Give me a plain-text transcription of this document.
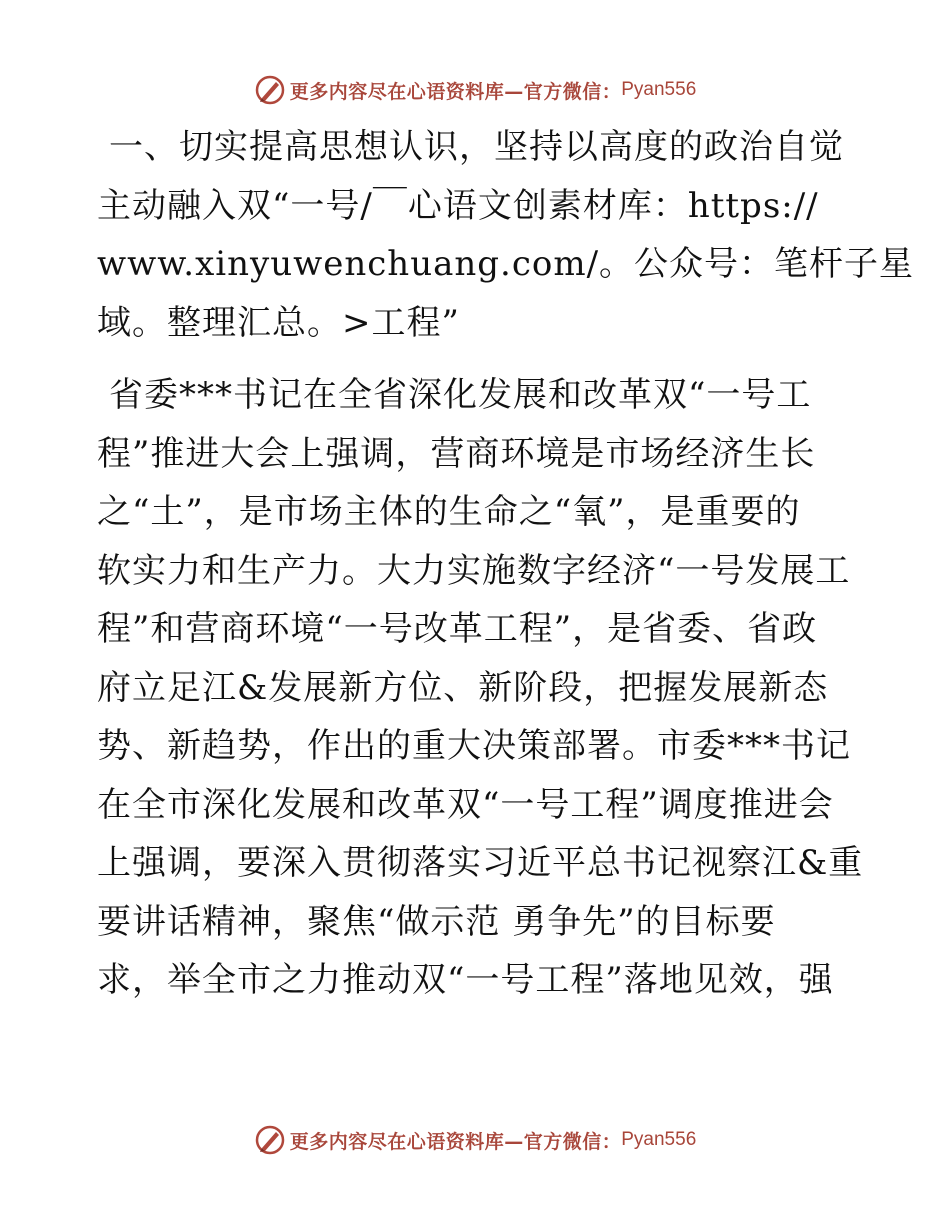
更多内容尽在心语资料库—官方微信： Pyan556

一、切实提高思想认识，坚持以高度的政治自觉
主动融入双“一号/￣心语文创素材库：https://
www.xinyuwenchuang.com/。公众号：笔杆子星
域。整理汇总。>工程”

省委***书记在全省深化发展和改革双“一号工
程”推进大会上强调，营商环境是市场经济生长
之“土”，是市场主体的生命之“氧”，是重要的
软实力和生产力。大力实施数字经济“一号发展工
程”和营商环境“一号改革工程”，是省委、省政
府立足江&发展新方位、新阶段，把握发展新态
势、新趋势，作出的重大决策部署。市委***书记
在全市深化发展和改革双“一号工程”调度推进会
上强调，要深入贯彻落实习近平总书记视察江&重
要讲话精神，聚焦“做示范 勇争先”的目标要
求，举全市之力推动双“一号工程”落地见效，强

更多内容尽在心语资料库—官方微信： Pyan556
